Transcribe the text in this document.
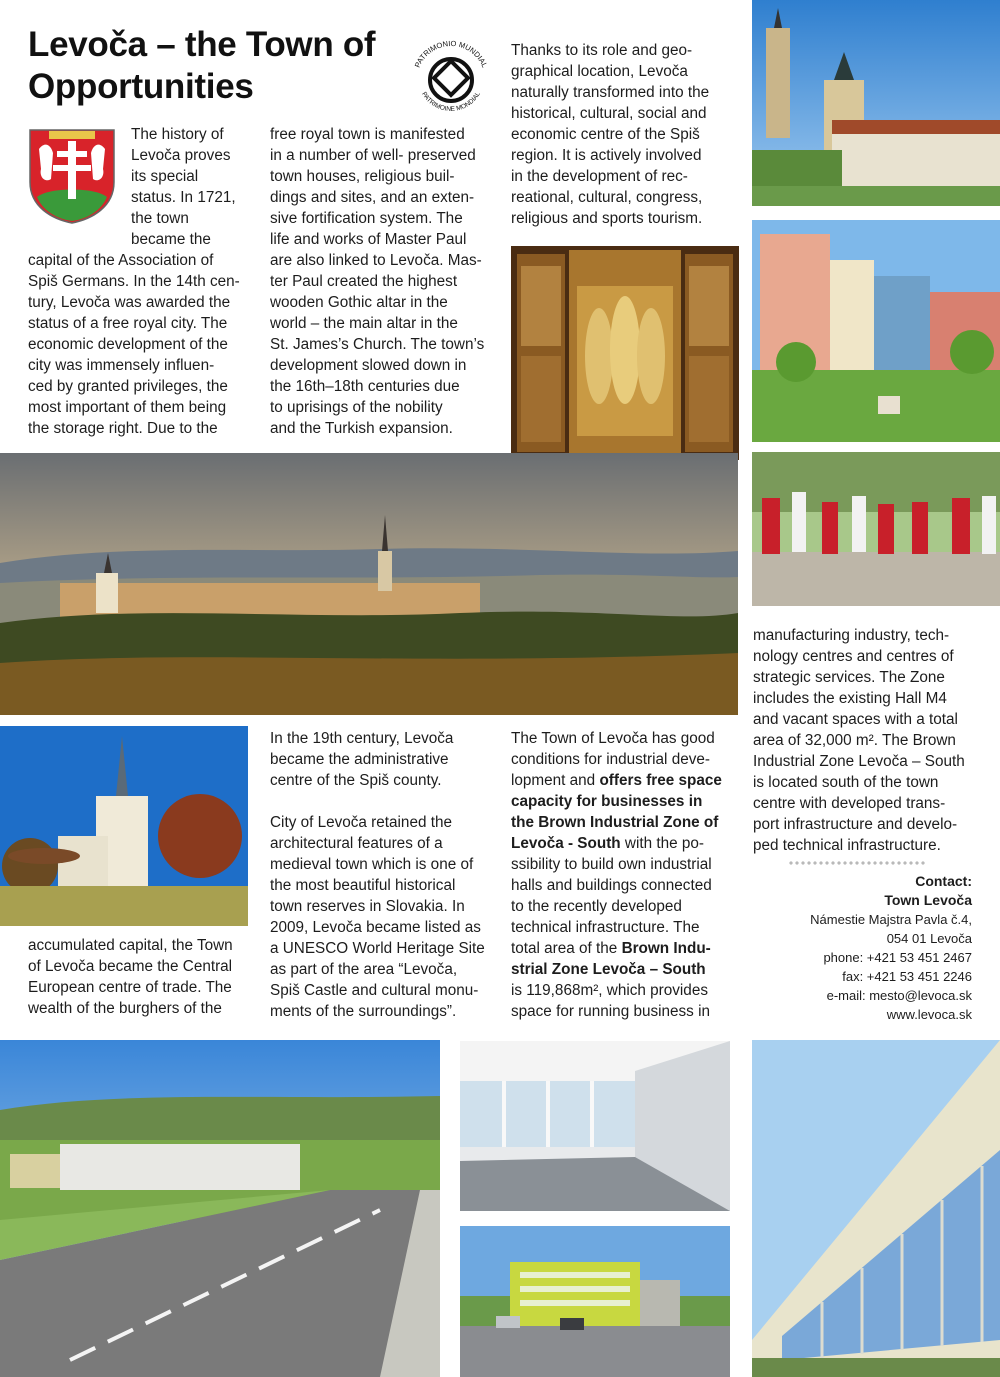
Levoča – the Town of Opportunities
PATRIMONIO MUNDIAL
PATRIMOINE MONDIAL

The history of

Levoča proves

its special

status. In 1721,

the town

became the

capital of the Association of

Spiš Germans. In the 14th cen-

tury, Levoča was awarded the

status of a free royal city. The

economic development of the

city was immensely influen-

ced by granted privileges, the

most important of them being

the storage right. Due to the

free royal town is manifested

in a number of well- preserved

town houses, religious buil-

dings and sites, and an exten-

sive fortification system. The

life and works of Master Paul

are also linked to Levoča. Mas-

ter Paul created the highest

wooden Gothic altar in the

world – the main altar in the

St. James’s Church. The town’s

development slowed down in

the 16th–18th centuries due

to uprisings of the nobility

and the Turkish expansion.

Thanks to its role and geo-

graphical location, Levoča

naturally transformed into the

historical, cultural, social and

economic centre of the Spiš

region. It is actively involved

in the development of rec-

reational, cultural, congress,

religious and sports tourism.

manufacturing industry, tech-

nology centres and centres of

strategic services. The Zone

includes the existing Hall M4

and vacant spaces with a total

area of 32,000 m². The Brown

Industrial Zone Levoča – South

is located south of the town

centre with developed trans-

port infrastructure and develo-

ped technical infrastructure.

In the 19th century, Levoča

became the administrative

centre of the Spiš county.

City of Levoča retained the

architectural features of a

medieval town which is one of

the most beautiful historical

town reserves in Slovakia. In

2009, Levoča became listed as

a UNESCO World Heritage Site

as part of the area “Levoča,

Spiš Castle and cultural monu-

ments of the surroundings”.

The Town of Levoča has good

conditions for industrial deve-

lopment and offers free space

capacity for businesses in

the Brown Industrial Zone of

Levoča - South with the po-

ssibility to build own industrial

halls and buildings connected

to the recently developed

technical infrastructure. The

total area of the Brown Indu-

strial Zone Levoča – South

is 119,868m², which provides

space for running business in

accumulated capital, the Town

of Levoča became the Central

European centre of trade. The

wealth of the burghers of the

Contact:
Town Levoča
Námestie Majstra Pavla č.4,
054 01 Levoča
phone: +421 53 451 2467
fax: +421 53 451 2246
e-mail: mesto@levoca.sk
www.levoca.sk
